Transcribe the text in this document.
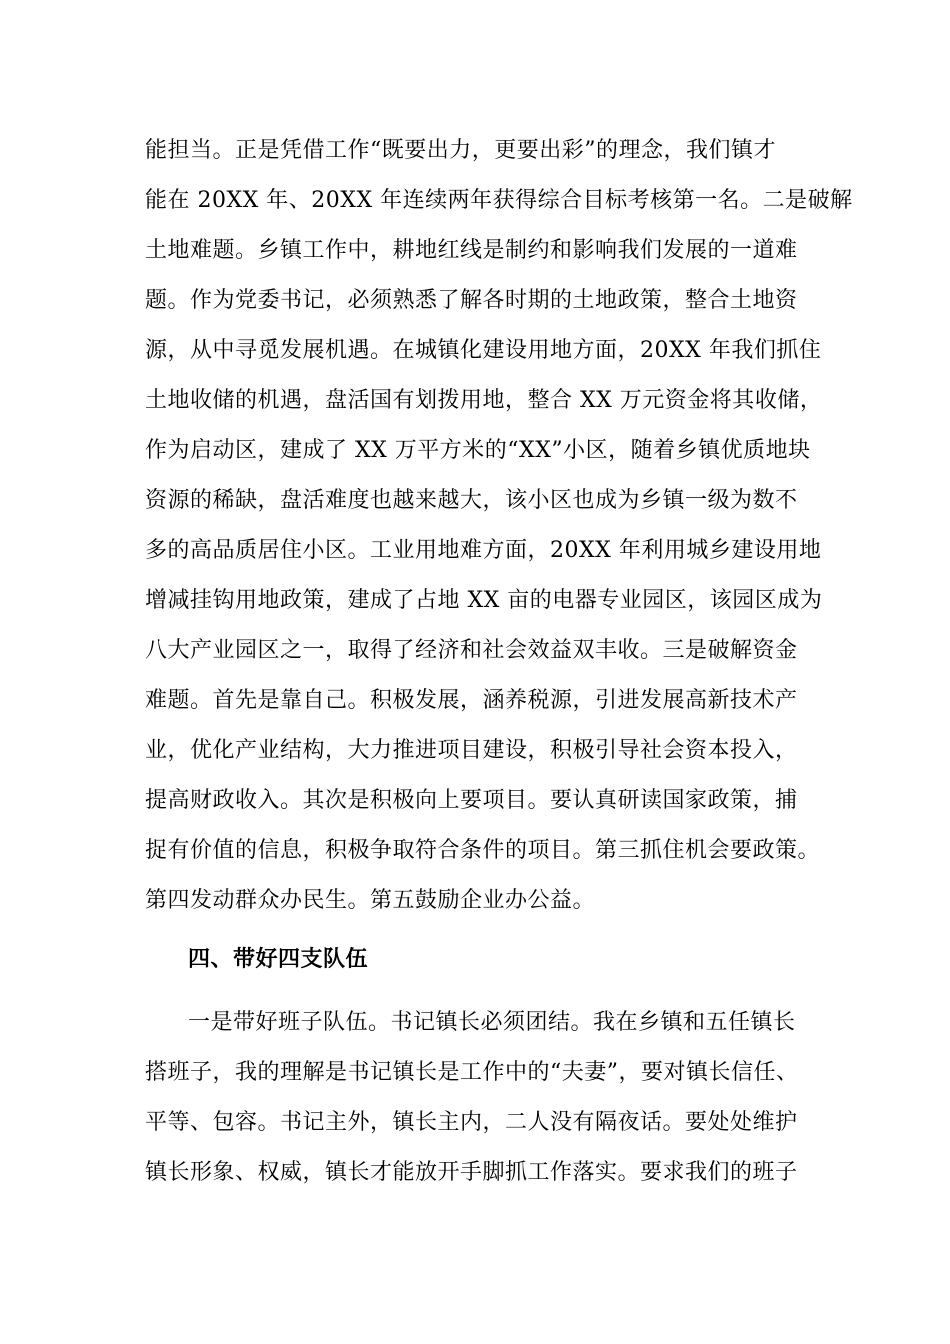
能担当。正是凭借工作“既要出力，更要出彩”的理念，我们镇才
能在 20XX 年、20XX 年连续两年获得综合目标考核第一名。二是破解
土地难题。乡镇工作中，耕地红线是制约和影响我们发展的一道难
题。作为党委书记，必须熟悉了解各时期的土地政策，整合土地资
源，从中寻觅发展机遇。在城镇化建设用地方面，20XX 年我们抓住
土地收储的机遇，盘活国有划拨用地，整合 XX 万元资金将其收储，
作为启动区，建成了 XX 万平方米的“XX”小区，随着乡镇优质地块
资源的稀缺，盘活难度也越来越大，该小区也成为乡镇一级为数不
多的高品质居住小区。工业用地难方面，20XX 年利用城乡建设用地
增减挂钩用地政策，建成了占地 XX 亩的电器专业园区，该园区成为
八大产业园区之一，取得了经济和社会效益双丰收。三是破解资金
难题。首先是靠自己。积极发展，涵养税源，引进发展高新技术产
业，优化产业结构，大力推进项目建设，积极引导社会资本投入，
提高财政收入。其次是积极向上要项目。要认真研读国家政策，捕
捉有价值的信息，积极争取符合条件的项目。第三抓住机会要政策。
第四发动群众办民生。第五鼓励企业办公益。
四、带好四支队伍
一是带好班子队伍。书记镇长必须团结。我在乡镇和五任镇长
搭班子，我的理解是书记镇长是工作中的“夫妻”，要对镇长信任、
平等、包容。书记主外，镇长主内，二人没有隔夜话。要处处维护
镇长形象、权威，镇长才能放开手脚抓工作落实。要求我们的班子
